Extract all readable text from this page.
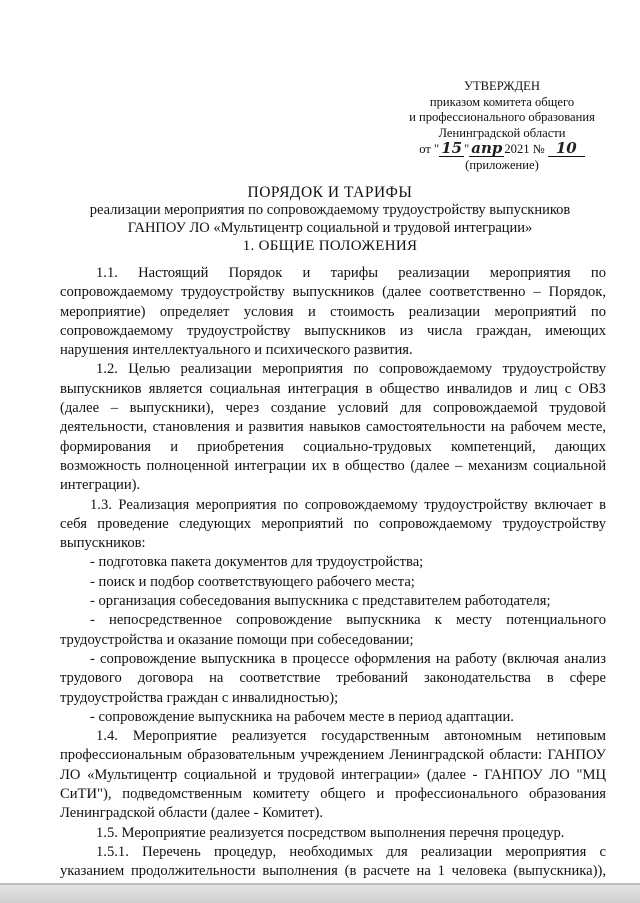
УТВЕРЖДЕН
приказом комитета общего
и профессионального образования
Ленинградской области
от " 15 " апр 2021 № 10
(приложение)
ПОРЯДОК И ТАРИФЫ
реализации мероприятия по сопровождаемому трудоустройству выпускников
ГАНПОУ ЛО «Мультицентр социальной и трудовой интеграции»
1. ОБЩИЕ ПОЛОЖЕНИЯ

1.1. Настоящий Порядок и тарифы реализации мероприятия по сопровождаемому трудоустройству выпускников (далее соответственно – Порядок, мероприятие) определяет условия и стоимость реализации мероприятий по сопровождаемому трудоустройству выпускников из числа граждан, имеющих нарушения интеллектуального и психического развития.

1.2. Целью реализации мероприятия по сопровождаемому трудоустройству выпускников является социальная интеграция в общество инвалидов и лиц с ОВЗ (далее – выпускники), через создание условий для сопровождаемой трудовой деятельности, становления и развития навыков самостоятельности на рабочем месте, формирования и приобретения социально-трудовых компетенций, дающих возможность полноценной интеграции их в общество (далее – механизм социальной интеграции).

1.3. Реализация мероприятия по сопровождаемому трудоустройству включает в себя проведение следующих мероприятий по сопровождаемому трудоустройству выпускников:

- подготовка пакета документов для трудоустройства;

- поиск и подбор соответствующего рабочего места;

- организация собеседования выпускника с представителем работодателя;

- непосредственное сопровождение выпускника к месту потенциального трудоустройства и оказание помощи при собеседовании;

- сопровождение выпускника в процессе оформления на работу (включая анализ трудового договора на соответствие требований законодательства в сфере трудоустройства граждан с инвалидностью);

- сопровождение выпускника на рабочем месте в период адаптации.

1.4. Мероприятие реализуется государственным автономным нетиповым профессиональным образовательным учреждением Ленинградской области: ГАНПОУ ЛО «Мультицентр социальной и трудовой интеграции» (далее - ГАНПОУ ЛО "МЦ СиТИ"), подведомственным комитету общего и профессионального образования Ленинградской области (далее - Комитет).

1.5. Мероприятие реализуется посредством выполнения перечня процедур.

1.5.1. Перечень процедур, необходимых для реализации мероприятия с указанием продолжительности выполнения (в расчете на 1 человека (выпускника)),
